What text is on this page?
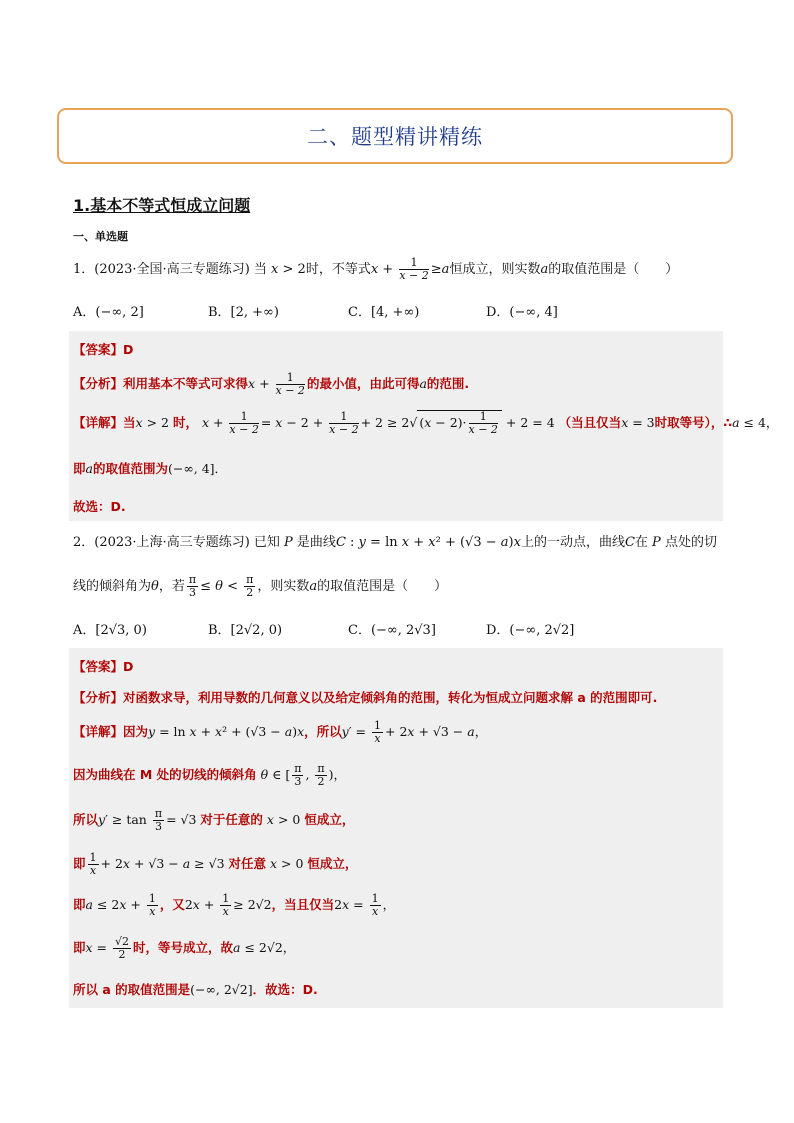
二、题型精讲精练
1.基本不等式恒成立问题
一、单选题
1．(2023·全国·高三专题练习) 当 x > 2时，不等式$x + \frac{1}{x - 2} \ge a$恒成立，则实数a的取值范围是（　　）
A．(−∞, 2]	B．[2, +∞)	C．[4, +∞)	D．(−∞, 4]
【答案】D
【分析】利用基本不等式可求得$x + \frac{1}{x - 2}$ 的最小值，由此可得a的范围.
【详解】当x > 2 时， $x + \frac{1}{x - 2} = x - 2 + \frac{1}{x - 2} + 2 \ge 2√$ $(x - 2)\cdot \frac{1}{x - 2} + 2 = 4$ （当且仅当x = 3时取等号），∴a ≤ 4，
即a的取值范围为(−∞, 4]．
故选：D.
2．(2023·上海·高三专题练习) 已知 P 是曲线C : y = ln x + x² + (√3 − a)x上的一动点，曲线C在 P 点处的切
线的倾斜角为θ，若 $\frac{\pi}{3} \le \theta < \frac{\pi}{2}$ ，则实数a的取值范围是（　　）
A．[2√3, 0)	B．[2√2, 0)	C．(−∞, 2√3]	D．(−∞, 2√2]
【答案】D
【分析】对函数求导，利用导数的几何意义以及给定倾斜角的范围，转化为恒成立问题求解 a 的范围即可.
【详解】因为y = ln x + x² + (√3 − a)x，所以$y' = \frac{1}{x} + 2x + √3 - a$，
因为曲线在 M 处的切线的倾斜角 θ ∈ [ $\frac{\pi}{3}$ , $\frac{\pi}{2}$ )，
所以$y' \ge \tan \frac{\pi}{3} = √3$ 对于任意的 x > 0 恒成立，
即 $\frac{1}{x} + 2x + √3 - a \ge √3$ 对任意 x > 0 恒成立，
即$a \le 2x + \frac{1}{x}$ ，又$2x + \frac{1}{x} \ge 2√2$，当且仅当$2x = \frac{1}{x}$ ，
即$x = \frac{√2}{2}$ 时，等号成立，故a ≤ 2√2，
所以 a 的取值范围是(−∞, 2√2]．故选：D.
